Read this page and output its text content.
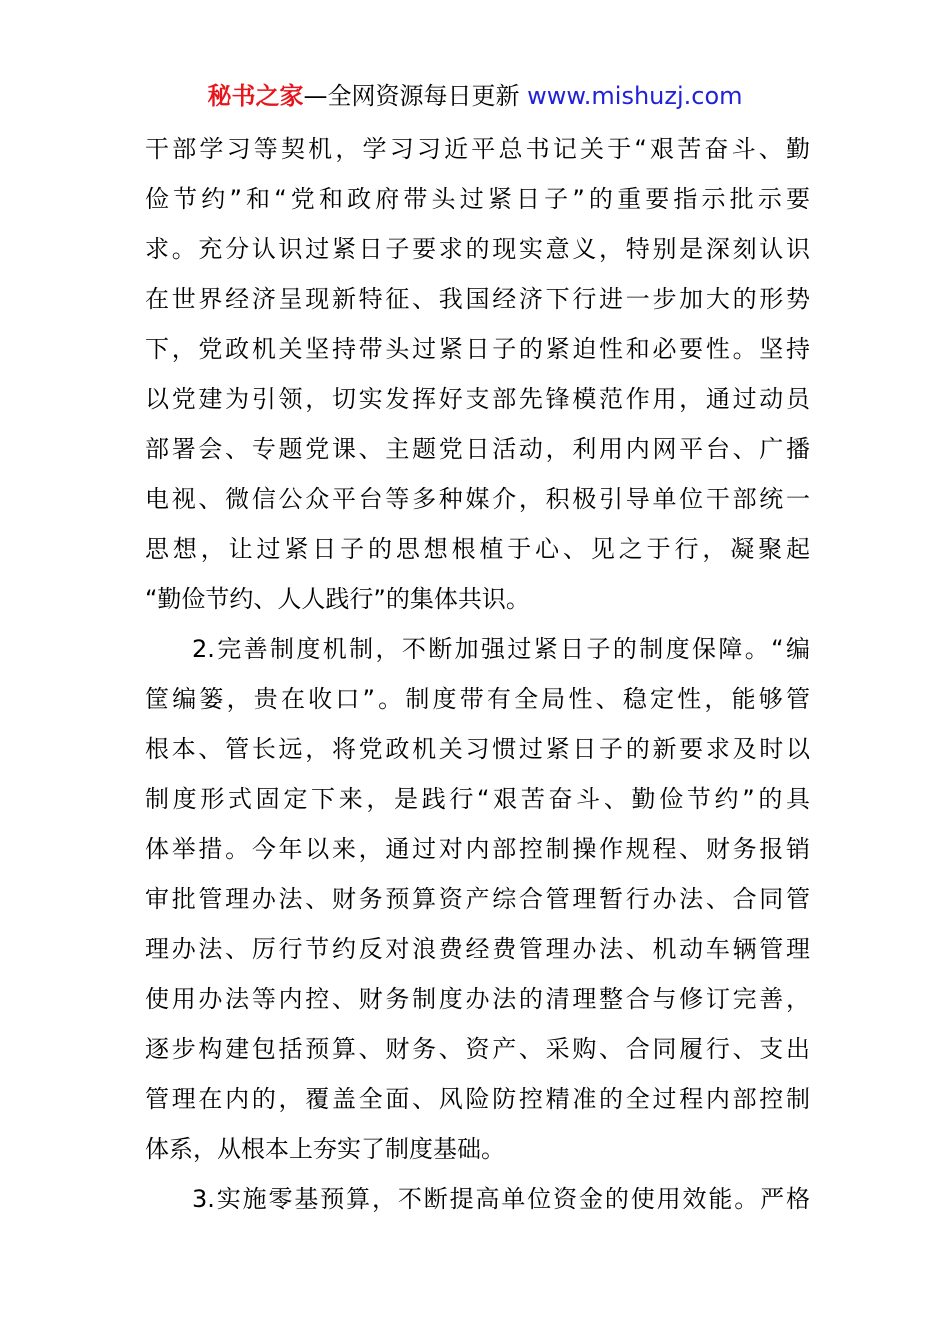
秘书之家—全网资源每日更新 www.mishuzj.com
干部学习等契机，学习习近平总书记关于“艰苦奋斗、勤
俭节约”和“党和政府带头过紧日子”的重要指示批示要
求。充分认识过紧日子要求的现实意义，特别是深刻认识
在世界经济呈现新特征、我国经济下行进一步加大的形势
下，党政机关坚持带头过紧日子的紧迫性和必要性。坚持
以党建为引领，切实发挥好支部先锋模范作用，通过动员
部署会、专题党课、主题党日活动，利用内网平台、广播
电视、微信公众平台等多种媒介，积极引导单位干部统一
思想，让过紧日子的思想根植于心、见之于行，凝聚起
“勤俭节约、人人践行”的集体共识。
2.完善制度机制，不断加强过紧日子的制度保障。“编
筐编篓，贵在收口”。制度带有全局性、稳定性，能够管
根本、管长远，将党政机关习惯过紧日子的新要求及时以
制度形式固定下来，是践行“艰苦奋斗、勤俭节约”的具
体举措。今年以来，通过对内部控制操作规程、财务报销
审批管理办法、财务预算资产综合管理暂行办法、合同管
理办法、厉行节约反对浪费经费管理办法、机动车辆管理
使用办法等内控、财务制度办法的清理整合与修订完善，
逐步构建包括预算、财务、资产、采购、合同履行、支出
管理在内的，覆盖全面、风险防控精准的全过程内部控制
体系，从根本上夯实了制度基础。
3.实施零基预算，不断提高单位资金的使用效能。严格
